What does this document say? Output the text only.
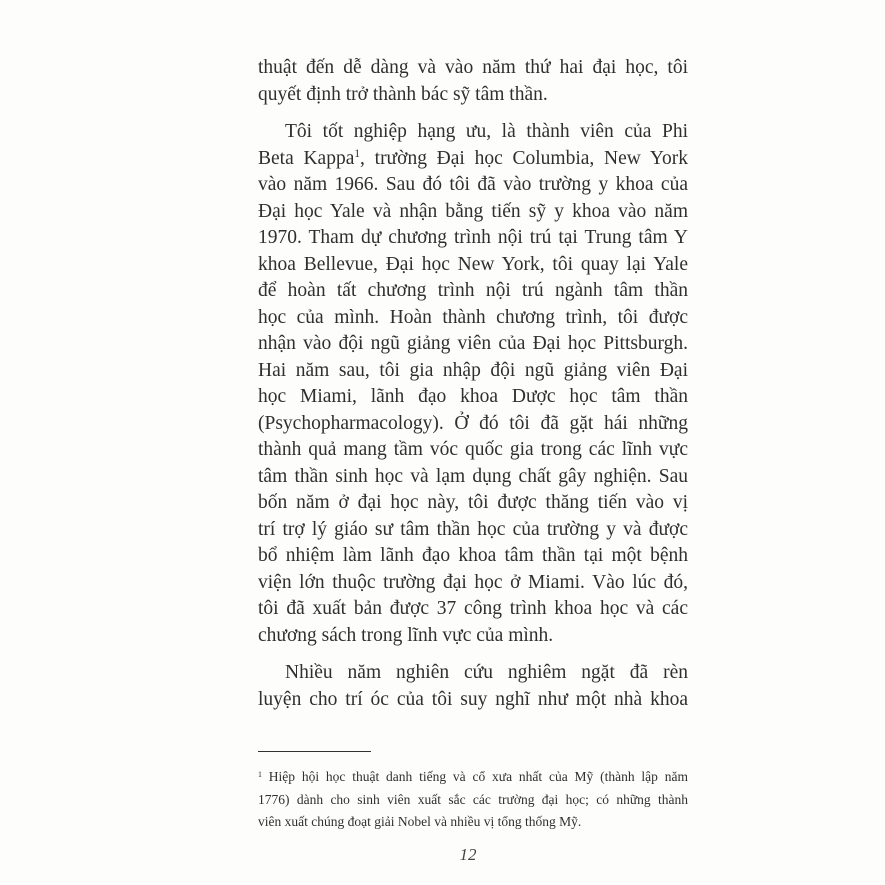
thuật đến dễ dàng và vào năm thứ hai đại học, tôi
quyết định trở thành bác sỹ tâm thần.
Tôi tốt nghiệp hạng ưu, là thành viên của Phi
Beta Kappa$^1$, trường Đại học Columbia, New York
vào năm 1966. Sau đó tôi đã vào trường y khoa của
Đại học Yale và nhận bằng tiến sỹ y khoa vào năm
1970. Tham dự chương trình nội trú tại Trung tâm Y
khoa Bellevue, Đại học New York, tôi quay lại Yale
để hoàn tất chương trình nội trú ngành tâm thần
học của mình. Hoàn thành chương trình, tôi được
nhận vào đội ngũ giảng viên của Đại học Pittsburgh.
Hai năm sau, tôi gia nhập đội ngũ giảng viên Đại
học Miami, lãnh đạo khoa Dược học tâm thần
(Psychopharmacology). Ở đó tôi đã gặt hái những
thành quả mang tầm vóc quốc gia trong các lĩnh vực
tâm thần sinh học và lạm dụng chất gây nghiện. Sau
bốn năm ở đại học này, tôi được thăng tiến vào vị
trí trợ lý giáo sư tâm thần học của trường y và được
bổ nhiệm làm lãnh đạo khoa tâm thần tại một bệnh
viện lớn thuộc trường đại học ở Miami. Vào lúc đó,
tôi đã xuất bản được 37 công trình khoa học và các
chương sách trong lĩnh vực của mình.
Nhiều năm nghiên cứu nghiêm ngặt đã rèn
luyện cho trí óc của tôi suy nghĩ như một nhà khoa
$^1$ Hiệp hội học thuật danh tiếng và cổ xưa nhất của Mỹ (thành lập năm
1776) dành cho sinh viên xuất sắc các trường đại học; có những thành
viên xuất chúng đoạt giải Nobel và nhiều vị tổng thống Mỹ.
12
